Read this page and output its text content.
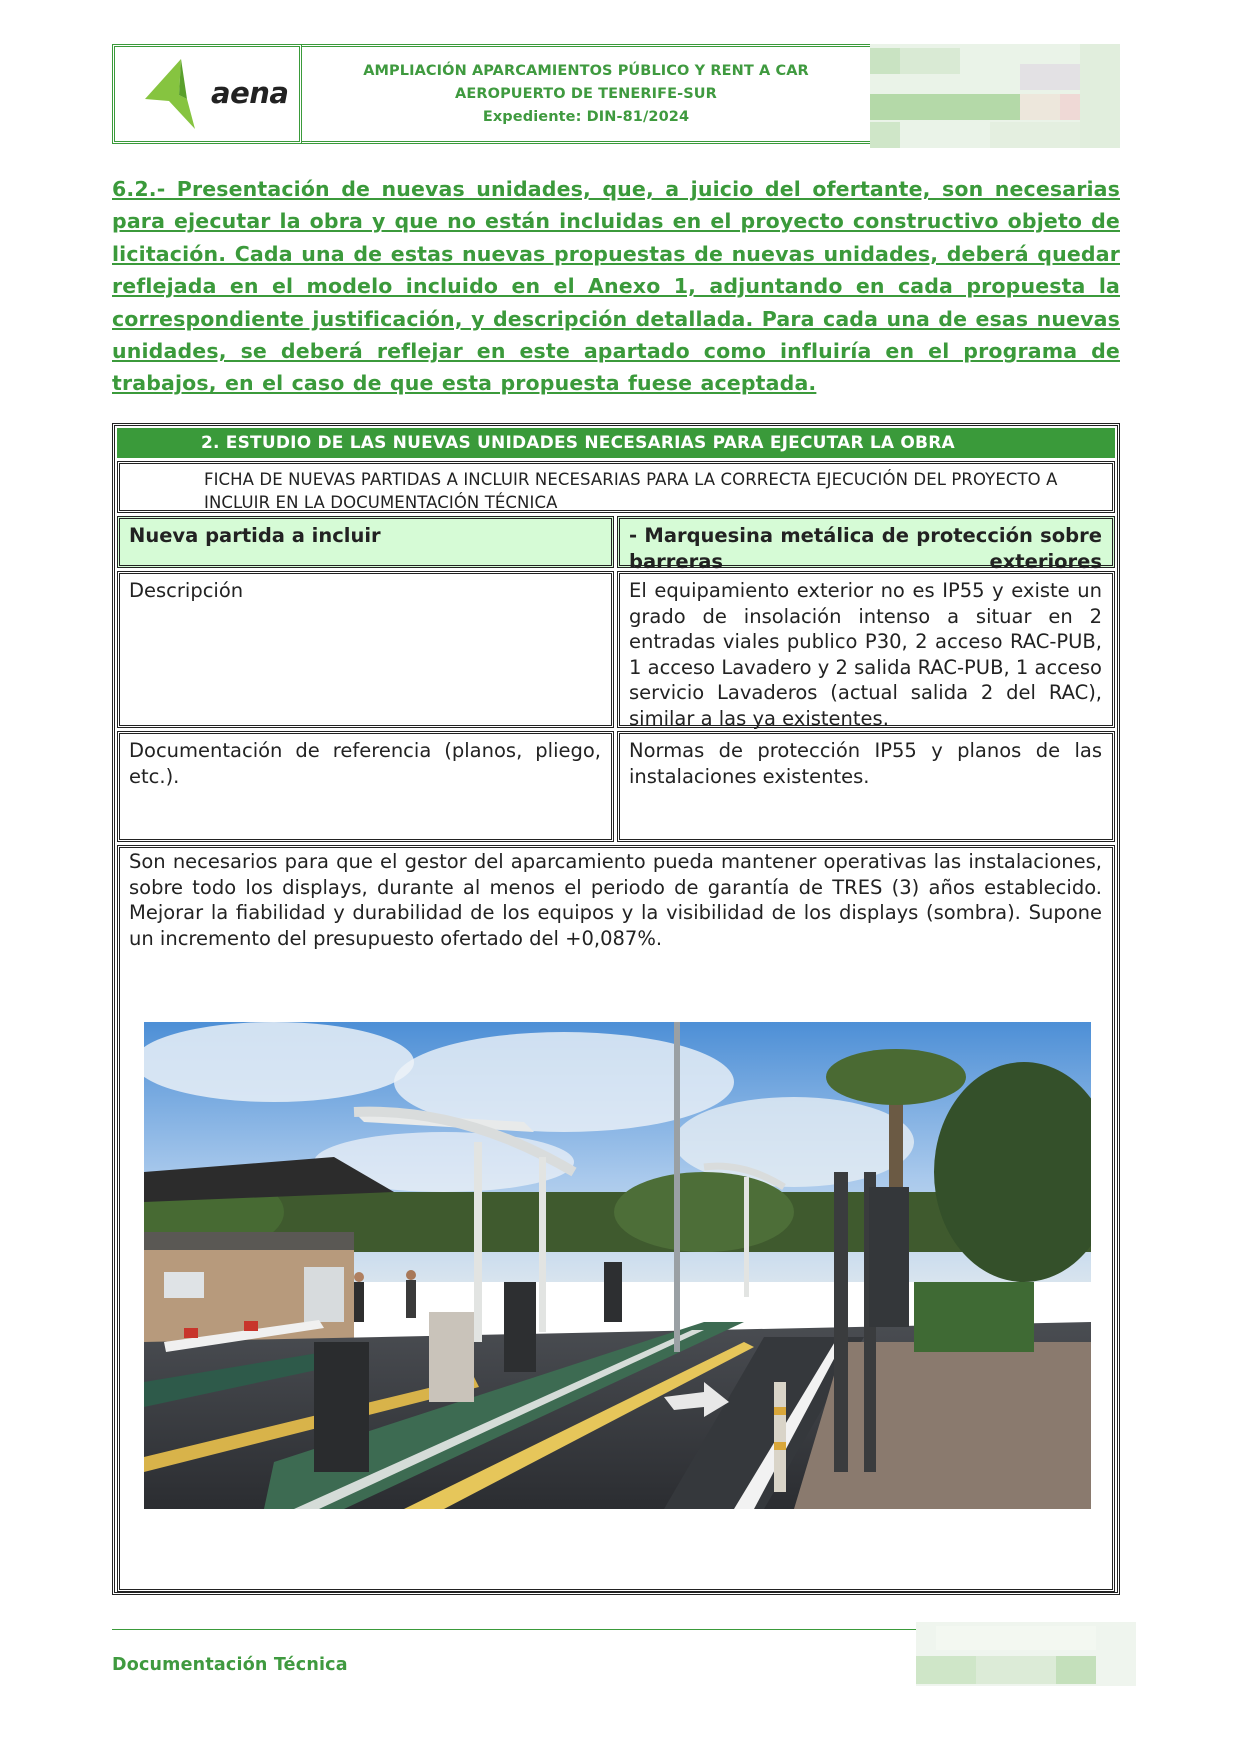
aena
AMPLIACIÓN APARCAMIENTOS PÚBLICO Y RENT A CAR
AEROPUERTO DE TENERIFE-SUR
Expediente: DIN-81/2024
6.2.- Presentación de nuevas unidades, que, a juicio del ofertante, son necesarias para ejecutar la obra y que no están incluidas en el proyecto constructivo objeto de licitación. Cada una de estas nuevas propuestas de nuevas unidades, deberá quedar reflejada en el modelo incluido en el Anexo 1, adjuntando en cada propuesta la correspondiente justificación, y descripción detallada. Para cada una de esas nuevas unidades, se deberá reflejar en este apartado como influiría en el programa de trabajos, en el caso de que esta propuesta fuese aceptada.
2. ESTUDIO DE LAS NUEVAS UNIDADES NECESARIAS PARA EJECUTAR LA OBRA
FICHA DE NUEVAS PARTIDAS A INCLUIR NECESARIAS PARA LA CORRECTA EJECUCIÓN DEL PROYECTO A INCLUIR EN LA DOCUMENTACIÓN TÉCNICA
Nueva partida a incluir	- Marquesina metálica de protección sobre barreras exteriores
Descripción	El equipamiento exterior no es IP55 y existe un grado de insolación intenso a situar en 2 entradas viales publico P30, 2 acceso RAC-PUB, 1 acceso Lavadero y 2 salida RAC-PUB, 1 acceso servicio Lavaderos (actual salida 2 del RAC), similar a las ya existentes.
Documentación de referencia (planos, pliego, etc.).
Normas de protección IP55 y planos de las instalaciones existentes.
Son necesarios para que el gestor del aparcamiento pueda mantener operativas las instalaciones, sobre todo los displays, durante al menos el periodo de garantía de TRES (3) años establecido. Mejorar la fiabilidad y durabilidad de los equipos y la visibilidad de los displays (sombra). Supone un incremento del presupuesto ofertado del +0,087%.
Documentación Técnica
